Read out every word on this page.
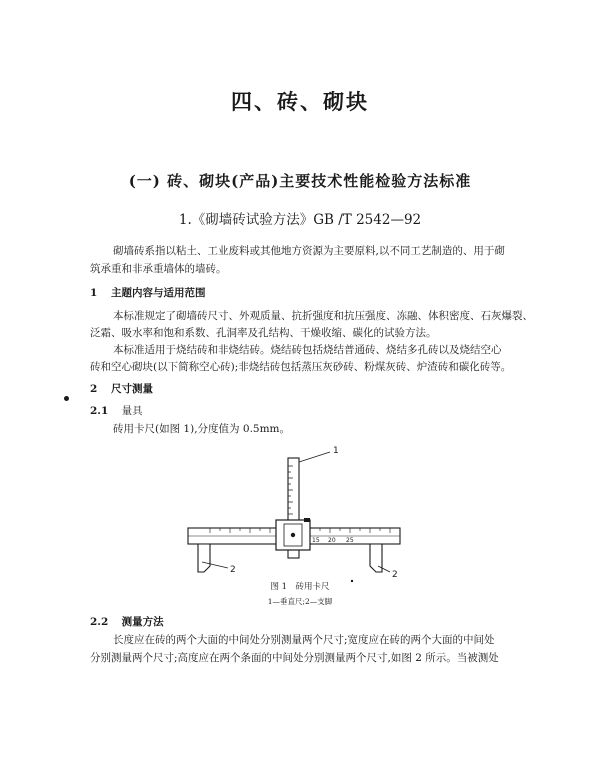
四、砖、砌块
(一) 砖、砌块(产品)主要技术性能检验方法标准
1.《砌墙砖试验方法》GB /T 2542—92
砌墙砖系指以粘土、工业废料或其他地方资源为主要原料,以不同工艺制造的、用于砌
筑承重和非承重墙体的墙砖。
1 主题内容与适用范围
本标准规定了砌墙砖尺寸、外观质量、抗折强度和抗压强度、冻融、体积密度、石灰爆裂、
泛霜、吸水率和饱和系数、孔洞率及孔结构、干燥收缩、碳化的试验方法。
本标准适用于烧结砖和非烧结砖。烧结砖包括烧结普通砖、烧结多孔砖以及烧结空心
砖和空心砌块(以下简称空心砖);非烧结砖包括蒸压灰砂砖、粉煤灰砖、炉渣砖和碳化砖等。
2 尺寸测量
2.1 量具
砖用卡尺(如图 1),分度值为 0.5mm。
1
15 20 25
2	2
图 1　砖用卡尺
1—垂直尺;2—支脚
2.2 测量方法
长度应在砖的两个大面的中间处分别测量两个尺寸;宽度应在砖的两个大面的中间处
分别测量两个尺寸;高度应在两个条面的中间处分别测量两个尺寸,如图 2 所示。当被测处
